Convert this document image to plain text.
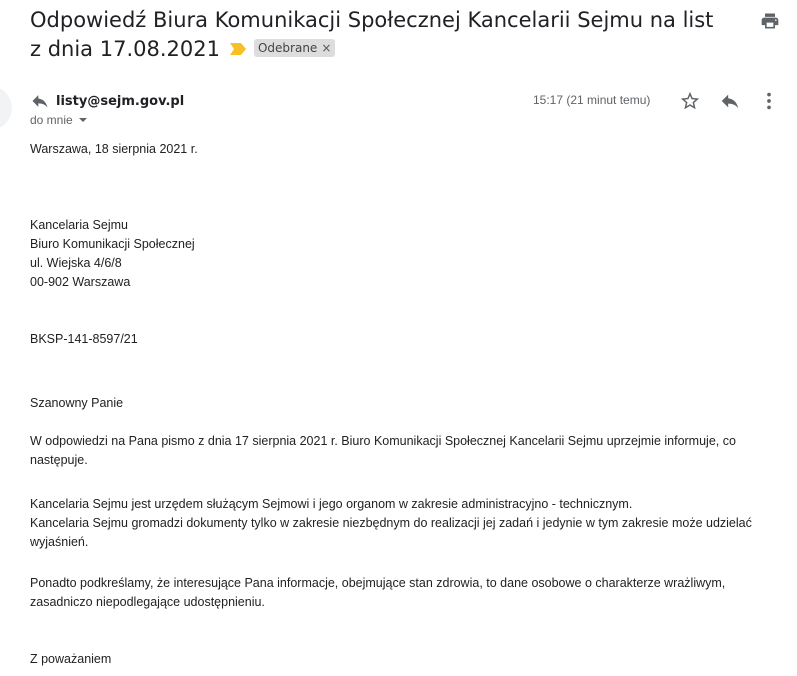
Odpowiedź Biura Komunikacji Społecznej Kancelarii Sejmu na list z dnia 17.08.2021	Odebrane ×
listy@sejm.gov.pl
do mnie
15:17 (21 minut temu)

Warszawa, 18 sierpnia 2021 r.

Kancelaria Sejmu

Biuro Komunikacji Społecznej

ul. Wiejska 4/6/8

00-902 Warszawa

BKSP-141-8597/21

Szanowny Panie

W odpowiedzi na Pana pismo z dnia 17 sierpnia 2021 r. Biuro Komunikacji Społecznej Kancelarii Sejmu uprzejmie informuje, co następuje.

Kancelaria Sejmu jest urzędem służącym Sejmowi i jego organom w zakresie administracyjno - technicznym.

Kancelaria Sejmu gromadzi dokumenty tylko w zakresie niezbędnym do realizacji jej zadań i jedynie w tym zakresie może udzielać wyjaśnień.

Ponadto podkreślamy, że interesujące Pana informacje, obejmujące stan zdrowia, to dane osobowe o charakterze wrażliwym, zasadniczo niepodlegające udostępnieniu.

Z poważaniem
